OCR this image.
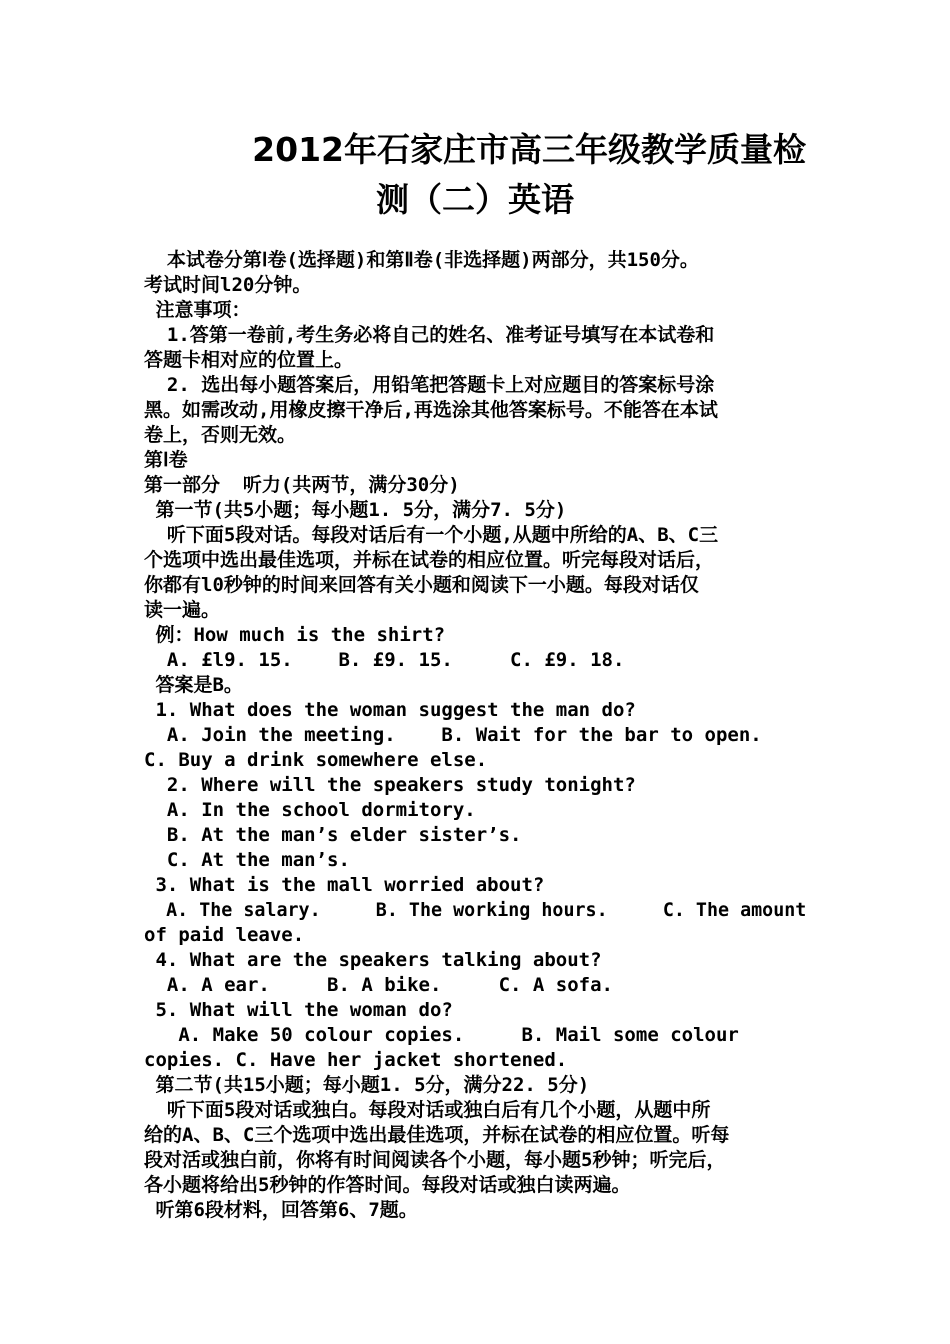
2012年石家庄市高三年级教学质量检
测（二）英语
本试卷分第Ⅰ卷(选择题)和第Ⅱ卷(非选择题)两部分，共150分。
考试时间l20分钟。
注意事项：
1.答第一卷前,考生务必将自己的姓名、准考证号填写在本试卷和
答题卡相对应的位置上。
2. 选出每小题答案后，用铅笔把答题卡上对应题目的答案标号涂
黑。如需改动,用橡皮擦干净后,再选涂其他答案标号。不能答在本试
卷上，否则无效。
第Ⅰ卷
第一部分  听力(共两节，满分30分)
第一节(共5小题；每小题1. 5分，满分7. 5分)
听下面5段对话。每段对话后有一个小题,从题中所给的A、B、C三
个选项中选出最佳选项，并标在试卷的相应位置。听完每段对话后，
你都有l0秒钟的时间来回答有关小题和阅读下一小题。每段对话仅
读一遍。
例：How much is the shirt?
A. £l9. 15.    B. £9. 15.     C. £9. 18.
答案是B。
1. What does the woman suggest the man do?
A. Join the meeting.    B. Wait for the bar to open.
C. Buy a drink somewhere else.
2. Where will the speakers study tonight?
A. In the school dormitory.
B. At the man’s elder sister’s.
C. At the man’s.
3. What is the mall worried about?
A. The salary.     B. The working hours.     C. The amount
of paid leave.
4. What are the speakers talking about?
A. A ear.     B. A bike.     C. A sofa.
5. What will the woman do?
A. Make 50 colour copies.     B. Mail some colour
copies. C. Have her jacket shortened.
第二节(共15小题；每小题1. 5分，满分22. 5分)
听下面5段对话或独白。每段对话或独白后有几个小题，从题中所
给的A、B、C三个选项中选出最佳选项，并标在试卷的相应位置。听每
段对活或独白前，你将有时间阅读各个小题，每小题5秒钟；听完后，
各小题将给出5秒钟的作答时间。每段对话或独白读两遍。
听第6段材料，回答第6、7题。
